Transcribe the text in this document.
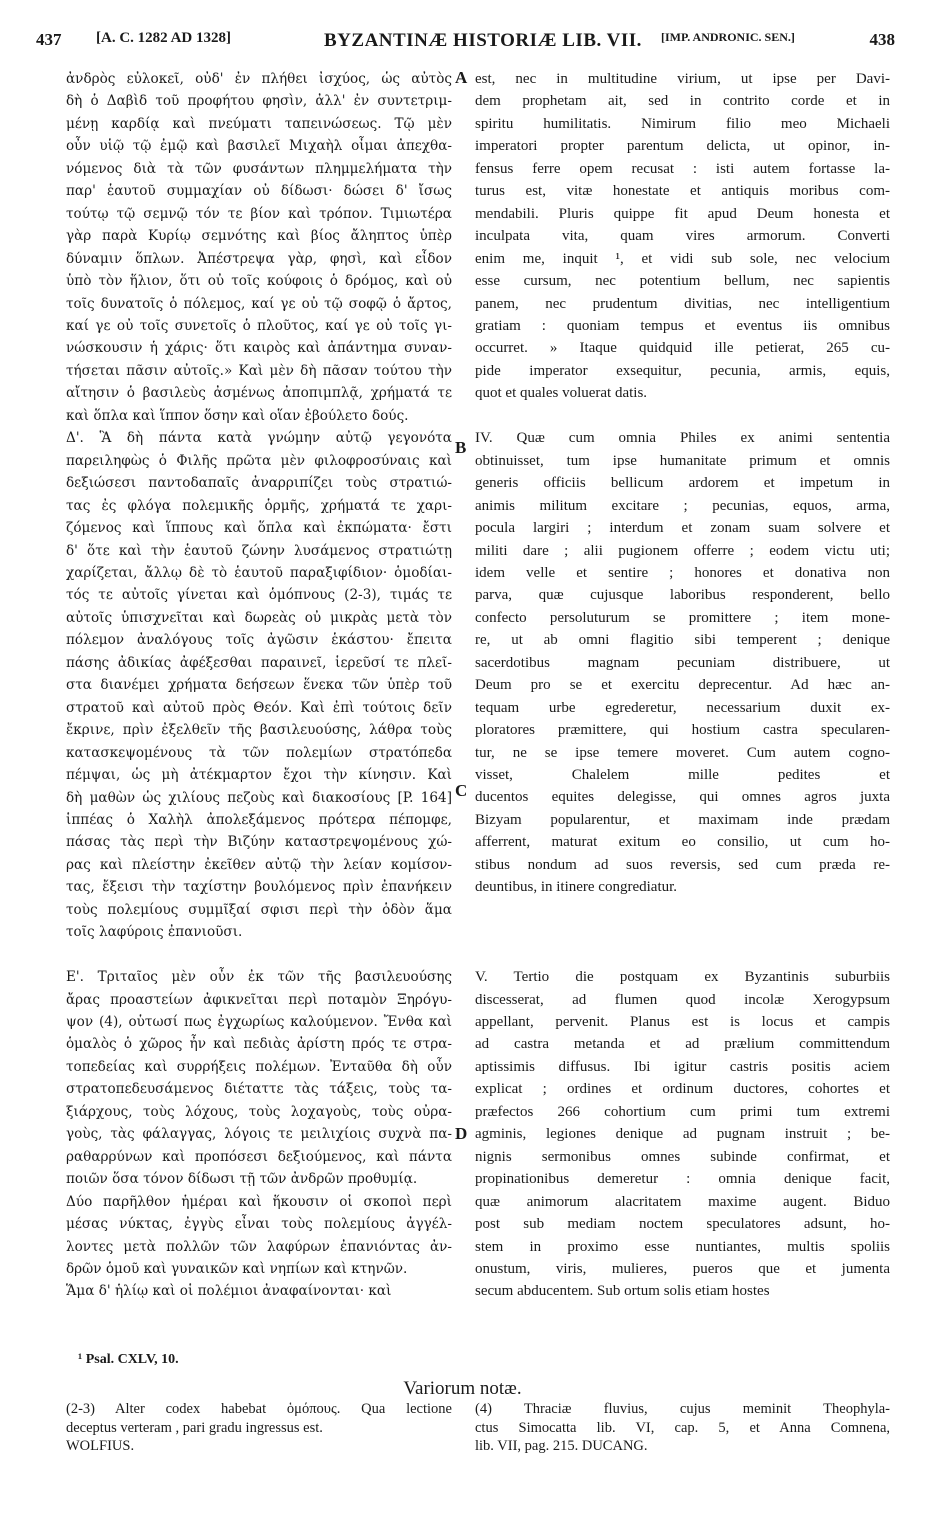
437 [A. C. 1282 AD 1328]	BYZANTINÆ HISTORIÆ LIB. VII. [IMP. ANDRONIC. SEN.]	438
ἀνδρὸς εὐλοκεῖ, οὐδ' ἐν πλήθει ἰσχύος, ὡς αὐτὸς
δὴ ὁ Δαβὶδ τοῦ προφήτου φησὶν, ἀλλ' ἐν συντετριμ-
μένῃ καρδίᾳ καὶ πνεύματι ταπεινώσεως. Τῷ μὲν
οὖν υἱῷ τῷ ἐμῷ καὶ βασιλεῖ Μιχαὴλ οἶμαι ἀπεχθα-
νόμενος διὰ τὰ τῶν φυσάντων πλημμελήματα τὴν
παρ' ἑαυτοῦ συμμαχίαν οὐ δίδωσι· δώσει δ' ἴσως
τούτῳ τῷ σεμνῷ τόν τε βίον καὶ τρόπον. Τιμιωτέρα
γὰρ παρὰ Κυρίῳ σεμνότης καὶ βίος ἄληπτος ὑπὲρ
δύναμιν ὅπλων. Ἀπέστρεψα γὰρ, φησὶ, καὶ εἶδον
ὑπὸ τὸν ἥλιον, ὅτι οὐ τοῖς κούφοις ὁ δρόμος, καὶ οὐ
τοῖς δυνατοῖς ὁ πόλεμος, καί γε οὐ τῷ σοφῷ ὁ ἄρτος,
καί γε οὐ τοῖς συνετοῖς ὁ πλοῦτος, καί γε οὐ τοῖς γι-
νώσκουσιν ἡ χάρις· ὅτι καιρὸς καὶ ἀπάντημα συναν-
τήσεται πᾶσιν αὐτοῖς.» Καὶ μὲν δὴ πᾶσαν τούτου τὴν
αἴτησιν ὁ βασιλεὺς ἀσμένως ἀποπιμπλᾷ, χρήματά τε
καὶ ὅπλα καὶ ἵππον ὅσην καὶ οἵαν ἐβούλετο δούς.
Δ'. Ἃ δὴ πάντα κατὰ γνώμην αὐτῷ γεγονότα
παρειληφὼς ὁ Φιλῆς πρῶτα μὲν φιλοφροσύναις καὶ
δεξιώσεσι παντοδαπαῖς ἀναρριπίζει τοὺς στρατιώ-
τας ἐς φλόγα πολεμικῆς ὁρμῆς, χρήματά τε χαρι-
ζόμενος καὶ ἵππους καὶ ὅπλα καὶ ἐκπώματα· ἔστι
δ' ὅτε καὶ τὴν ἑαυτοῦ ζώνην λυσάμενος στρατιώτῃ
χαρίζεται, ἄλλῳ δὲ τὸ ἑαυτοῦ παραξιφίδιον· ὁμοδίαι-
τός τε αὐτοῖς γίνεται καὶ ὁμόπνους (2-3), τιμάς τε
αὐτοῖς ὑπισχνεῖται καὶ δωρεὰς οὐ μικρὰς μετὰ τὸν
πόλεμον ἀναλόγους τοῖς ἀγῶσιν ἑκάστου· ἔπειτα
πάσης ἀδικίας ἀφέξεσθαι παραινεῖ, ἱερεῦσί τε πλεῖ-
στα διανέμει χρήματα δεήσεων ἕνεκα τῶν ὑπὲρ τοῦ
στρατοῦ καὶ αὐτοῦ πρὸς Θεόν. Καὶ ἐπὶ τούτοις δεῖν
ἔκρινε, πρὶν ἐξελθεῖν τῆς βασιλευούσης, λάθρα τοὺς
κατασκεψομένους τὰ τῶν πολεμίων στρατόπεδα
πέμψαι, ὡς μὴ ἀτέκμαρτον ἔχοι τὴν κίνησιν. Καὶ
δὴ μαθὼν ὡς χιλίους πεζοὺς καὶ διακοσίους [P. 164]
ἱππέας ὁ Χαλὴλ ἀπολεξάμενος πρότερα πέπομφε,
πάσας τὰς περὶ τὴν Βιζύην καταστρεψομένους χώ-
ρας καὶ πλείστην ἐκεῖθεν αὐτῷ τὴν λείαν κομίσον-
τας, ἔξεισι τὴν ταχίστην βουλόμενος πρὶν ἐπανήκειν
τοὺς πολεμίους συμμῖξαί σφισι περὶ τὴν ὁδὸν ἅμα
τοῖς λαφύροις ἐπανιοῦσι.
Ε'. Τριταῖος μὲν οὖν ἐκ τῶν τῆς βασιλευούσης
ἄρας προαστείων ἀφικνεῖται περὶ ποταμὸν Ξηρόγυ-
ψον (4), οὑτωσί πως ἐγχωρίως καλούμενον. Ἔνθα καὶ
ὁμαλὸς ὁ χῶρος ἦν καὶ πεδιὰς ἀρίστη πρός τε στρα-
τοπεδείας καὶ συρρήξεις πολέμων. Ἐνταῦθα δὴ οὖν
στρατοπεδευσάμενος διέταττε τὰς τάξεις, τοὺς τα-
ξιάρχους, τοὺς λόχους, τοὺς λοχαγοὺς, τοὺς οὐρα-
γοὺς, τὰς φάλαγγας, λόγοις τε μειλιχίοις συχνὰ πα-
ραθαρρύνων καὶ προπόσεσι δεξιούμενος, καὶ πάντα
ποιῶν ὅσα τόνον δίδωσι τῇ τῶν ἀνδρῶν προθυμίᾳ.
Δύο παρῆλθον ἡμέραι καὶ ἥκουσιν οἱ σκοποὶ περὶ
μέσας νύκτας, ἐγγὺς εἶναι τοὺς πολεμίους ἀγγέλ-
λοντες μετὰ πολλῶν τῶν λαφύρων ἐπανιόντας ἀν-
δρῶν ὁμοῦ καὶ γυναικῶν καὶ νηπίων καὶ κτηνῶν.
Ἅμα δ' ἡλίῳ καὶ οἱ πολέμιοι ἀναφαίνονται· καὶ
est, nec in multitudine virium, ut ipse per Davi-
dem prophetam ait, sed in contrito corde et in
spiritu humilitatis. Nimirum filio meo Michaeli
imperatori propter parentum delicta, ut opinor, in-
fensus ferre opem recusat : isti autem fortasse la-
turus est, vitæ honestate et antiquis moribus com-
mendabili. Pluris quippe fit apud Deum honesta et
inculpata vita, quam vires armorum. Converti
enim me, inquit ¹, et vidi sub sole, nec velocium
esse cursum, nec potentium bellum, nec sapientis
panem, nec prudentum divitias, nec intelligentium
gratiam : quoniam tempus et eventus iis omnibus
occurret. » Itaque quidquid ille petierat, 265 cu-
pide imperator exsequitur, pecunia, armis, equis,
quot et quales voluerat datis.
IV. Quæ cum omnia Philes ex animi sententia
obtinuisset, tum ipse humanitate primum et omnis
generis officiis bellicum ardorem et impetum in
animis militum excitare ; pecunias, equos, arma,
pocula largiri ; interdum et zonam suam solvere et
militi dare ; alii pugionem offerre ; eodem victu uti;
idem velle et sentire ; honores et donativa non
parva, quæ cujusque laboribus responderent, bello
confecto persoluturum se promittere ; item mone-
re, ut ab omni flagitio sibi temperent ; denique
sacerdotibus magnam pecuniam distribuere, ut
Deum pro se et exercitu deprecentur. Ad hæc an-
tequam urbe egrederetur, necessarium duxit ex-
ploratores præmittere, qui hostium castra specularen-
tur, ne se ipse temere moveret. Cum autem cogno-
visset, Chalelem mille pedites et
ducentos equites delegisse, qui omnes agros juxta
Bizyam popularentur, et maximam inde prædam
afferrent, maturat exitum eo consilio, ut cum ho-
stibus nondum ad suos reversis, sed cum præda re-
deuntibus, in itinere congrediatur.
V. Tertio die postquam ex Byzantinis suburbiis
discesserat, ad flumen quod incolæ Xerogypsum
appellant, pervenit. Planus est is locus et campis
ad castra metanda et ad prælium committendum
aptissimis diffusus. Ibi igitur castris positis aciem
explicat ; ordines et ordinum ductores, cohortes et
præfectos 266 cohortium cum primi tum extremi
agminis, legiones denique ad pugnam instruit ; be-
nignis sermonibus omnes subinde confirmat, et
propinationibus demeretur : omnia denique facit,
quæ animorum alacritatem maxime augent. Biduo
post sub mediam noctem speculatores adsunt, ho-
stem in proximo esse nuntiantes, multis spoliis
onustum, viris, mulieres, pueros que et jumenta
secum abducentem. Sub ortum solis etiam hostes
A
B
C
D
¹ Psal. CXLV, 10.
Variorum notæ.
(2-3) Alter codex habebat ὁμόπους. Qua lectione
deceptus verteram , pari gradu ingressus est.
WOLFIUS.
(4) Thraciæ fluvius, cujus meminit Theophyla-
ctus Simocatta lib. VI, cap. 5, et Anna Comnena,
lib. VII, pag. 215. DUCANG.
